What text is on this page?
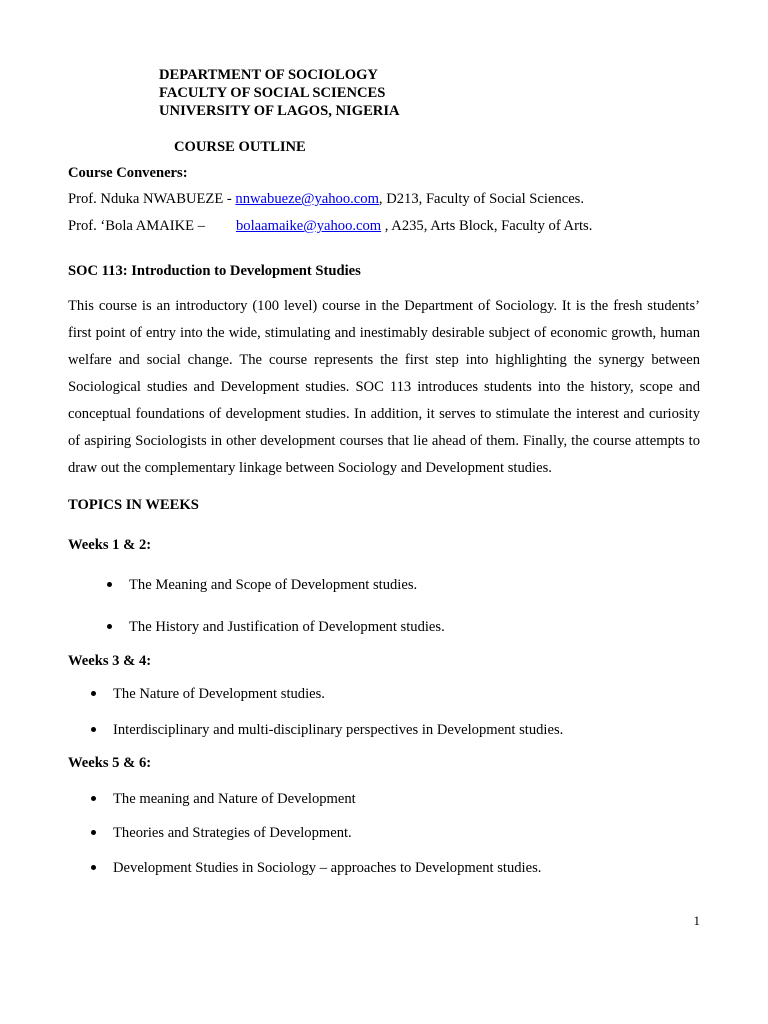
DEPARTMENT OF SOCIOLOGY
FACULTY OF SOCIAL SCIENCES
UNIVERSITY OF LAGOS, NIGERIA
COURSE OUTLINE
Course Conveners:
Prof. Nduka NWABUEZE - nnwabueze@yahoo.com, D213, Faculty of Social Sciences.
Prof. ‘Bola AMAIKE – bolaamaike@yahoo.com , A235, Arts Block, Faculty of Arts.
SOC 113: Introduction to Development Studies
This course is an introductory (100 level) course in the Department of Sociology. It is the fresh students’ first point of entry into the wide, stimulating and inestimably desirable subject of economic growth, human welfare and social change. The course represents the first step into highlighting the synergy between Sociological studies and Development studies. SOC 113 introduces students into the history, scope and conceptual foundations of development studies. In addition, it serves to stimulate the interest and curiosity of aspiring Sociologists in other development courses that lie ahead of them. Finally, the course attempts to draw out the complementary linkage between Sociology and Development studies.
TOPICS IN WEEKS
Weeks 1 & 2:
The Meaning and Scope of Development studies.
The History and Justification of Development studies.
Weeks 3 & 4:
The Nature of Development studies.
Interdisciplinary and multi-disciplinary perspectives in Development studies.
Weeks 5 & 6:
The meaning and Nature of Development
Theories and Strategies of Development.
Development Studies in Sociology – approaches to Development studies.
1
